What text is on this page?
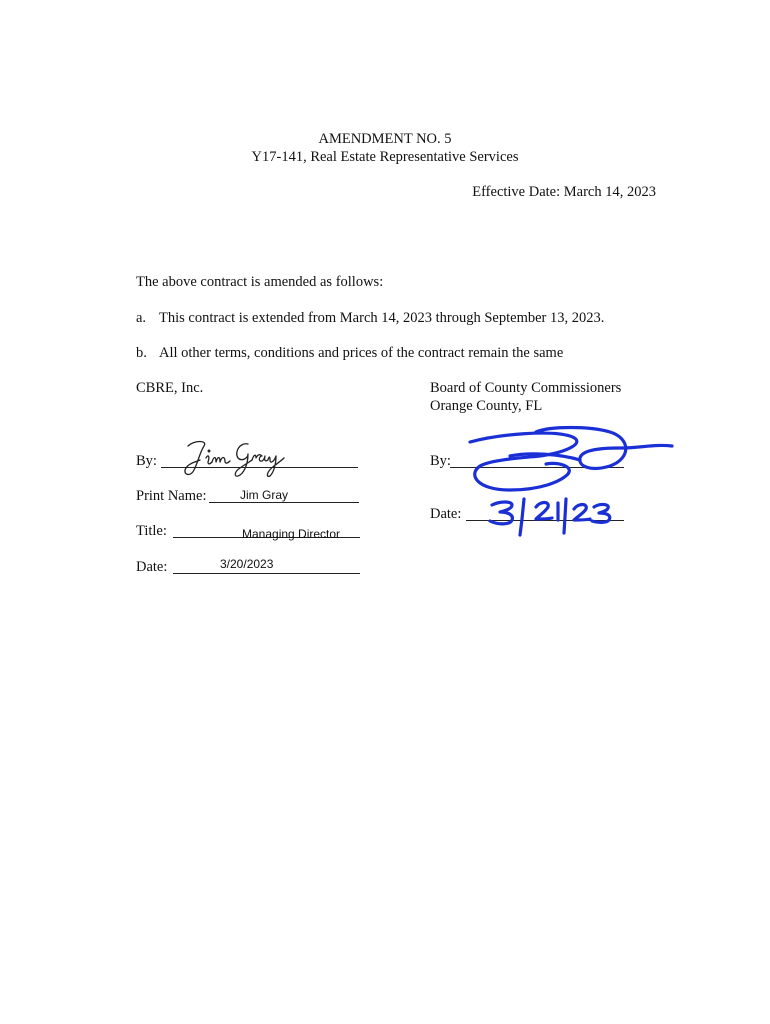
AMENDMENT NO. 5
Y17-141, Real Estate Representative Services
Effective Date: March 14, 2023
The above contract is amended as follows:
a. This contract is extended from March 14, 2023 through September 13, 2023.
b. All other terms, conditions and prices of the contract remain the same
CBRE, Inc.
By:
Print Name:	Jim Gray
Title:	Managing Director
Date:	3/20/2023
Board of County Commissioners
Orange County, FL
By:
Date:
